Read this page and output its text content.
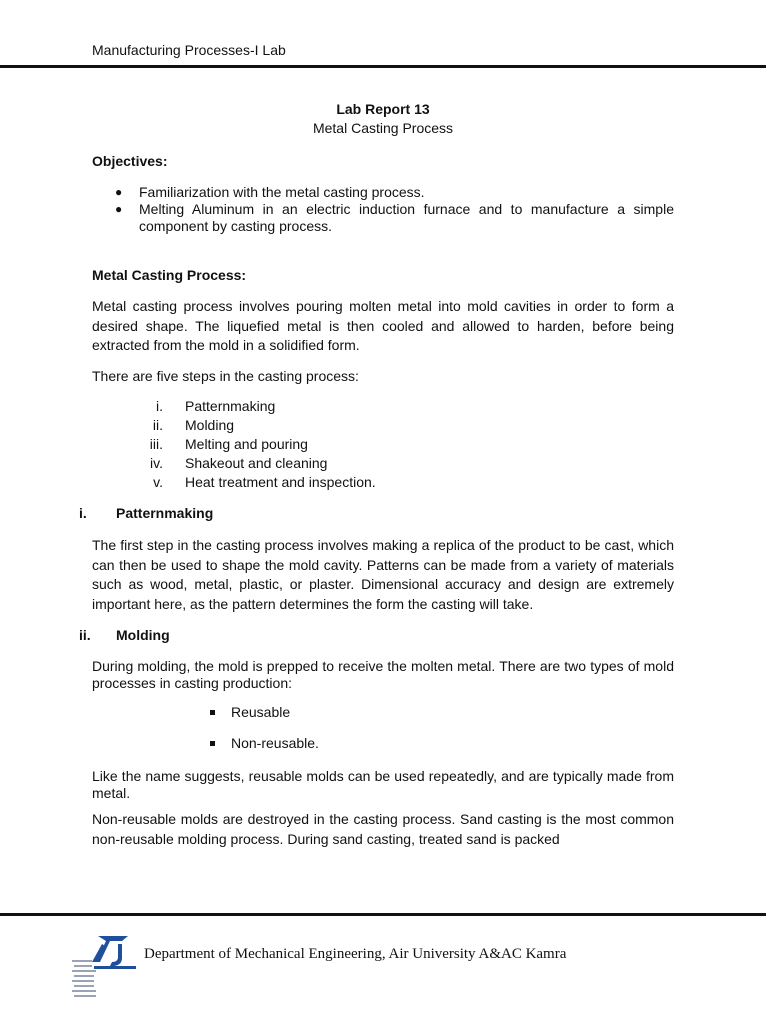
Manufacturing Processes-I Lab

Lab Report 13

Metal Casting Process

Objectives:

● Familiarization with the metal casting process.
● Melting Aluminum in an electric induction furnace and to manufacture a simple component by casting process.

Metal Casting Process:

Metal casting process involves pouring molten metal into mold cavities in order to form a desired shape. The liquefied metal is then cooled and allowed to harden, before being extracted from the mold in a solidified form.

There are five steps in the casting process:

i.	Patternmaking
ii.	Molding
iii.	Melting and pouring
iv.	Shakeout and cleaning
v.	Heat treatment and inspection.
i.	Patternmaking

The first step in the casting process involves making a replica of the product to be cast, which can then be used to shape the mold cavity. Patterns can be made from a variety of materials such as wood, metal, plastic, or plaster. Dimensional accuracy and design are extremely important here, as the pattern determines the form the casting will take.

ii.	Molding

During molding, the mold is prepped to receive the molten metal. There are two types of mold processes in casting production:

Reusable
Non-reusable.

Like the name suggests, reusable molds can be used repeatedly, and are typically made from metal.

Non-reusable molds are destroyed in the casting process. Sand casting is the most common non-reusable molding process. During sand casting, treated sand is packed

Department of Mechanical Engineering, Air University A&AC Kamra
